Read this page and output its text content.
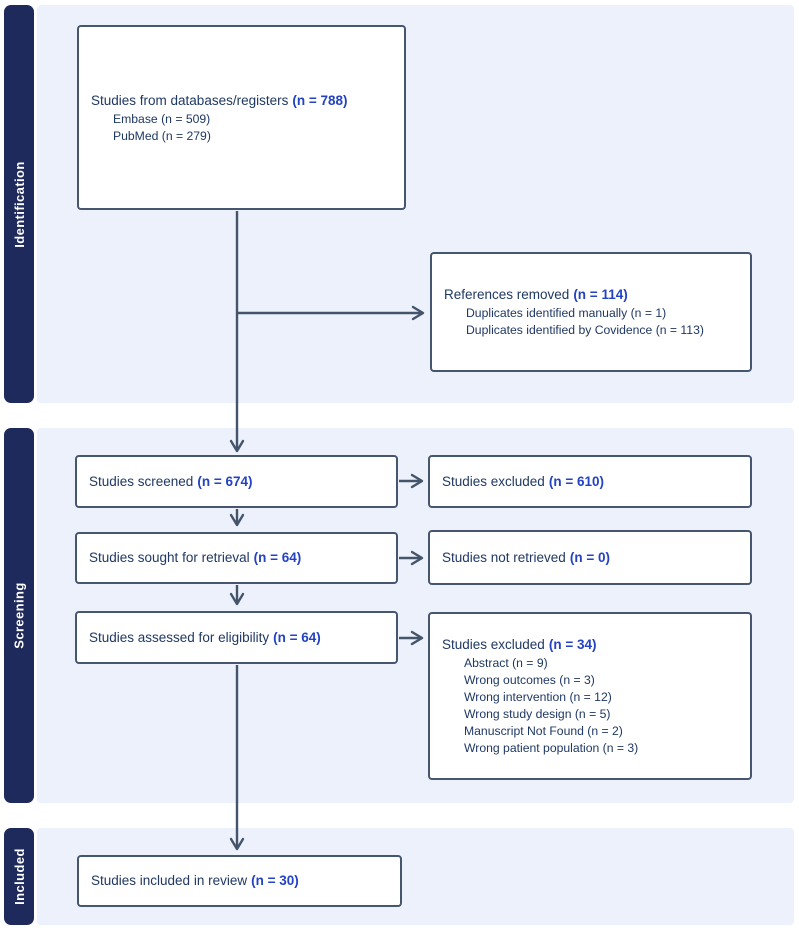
Identification
Screening
Included
Studies from databases/registers (n = 788)
Embase (n = 509)
PubMed (n = 279)
References removed (n = 114)
Duplicates identified manually (n = 1)
Duplicates identified by Covidence (n = 113)
Studies screened (n = 674)	Studies excluded (n = 610)
Studies sought for retrieval (n = 64)	Studies not retrieved (n = 0)
Studies assessed for eligibility (n = 64)	Studies excluded (n = 34)
Abstract (n = 9)
Wrong outcomes (n = 3)
Wrong intervention (n = 12)
Wrong study design (n = 5)
Manuscript Not Found (n = 2)
Wrong patient population (n = 3)
Studies included in review (n = 30)
